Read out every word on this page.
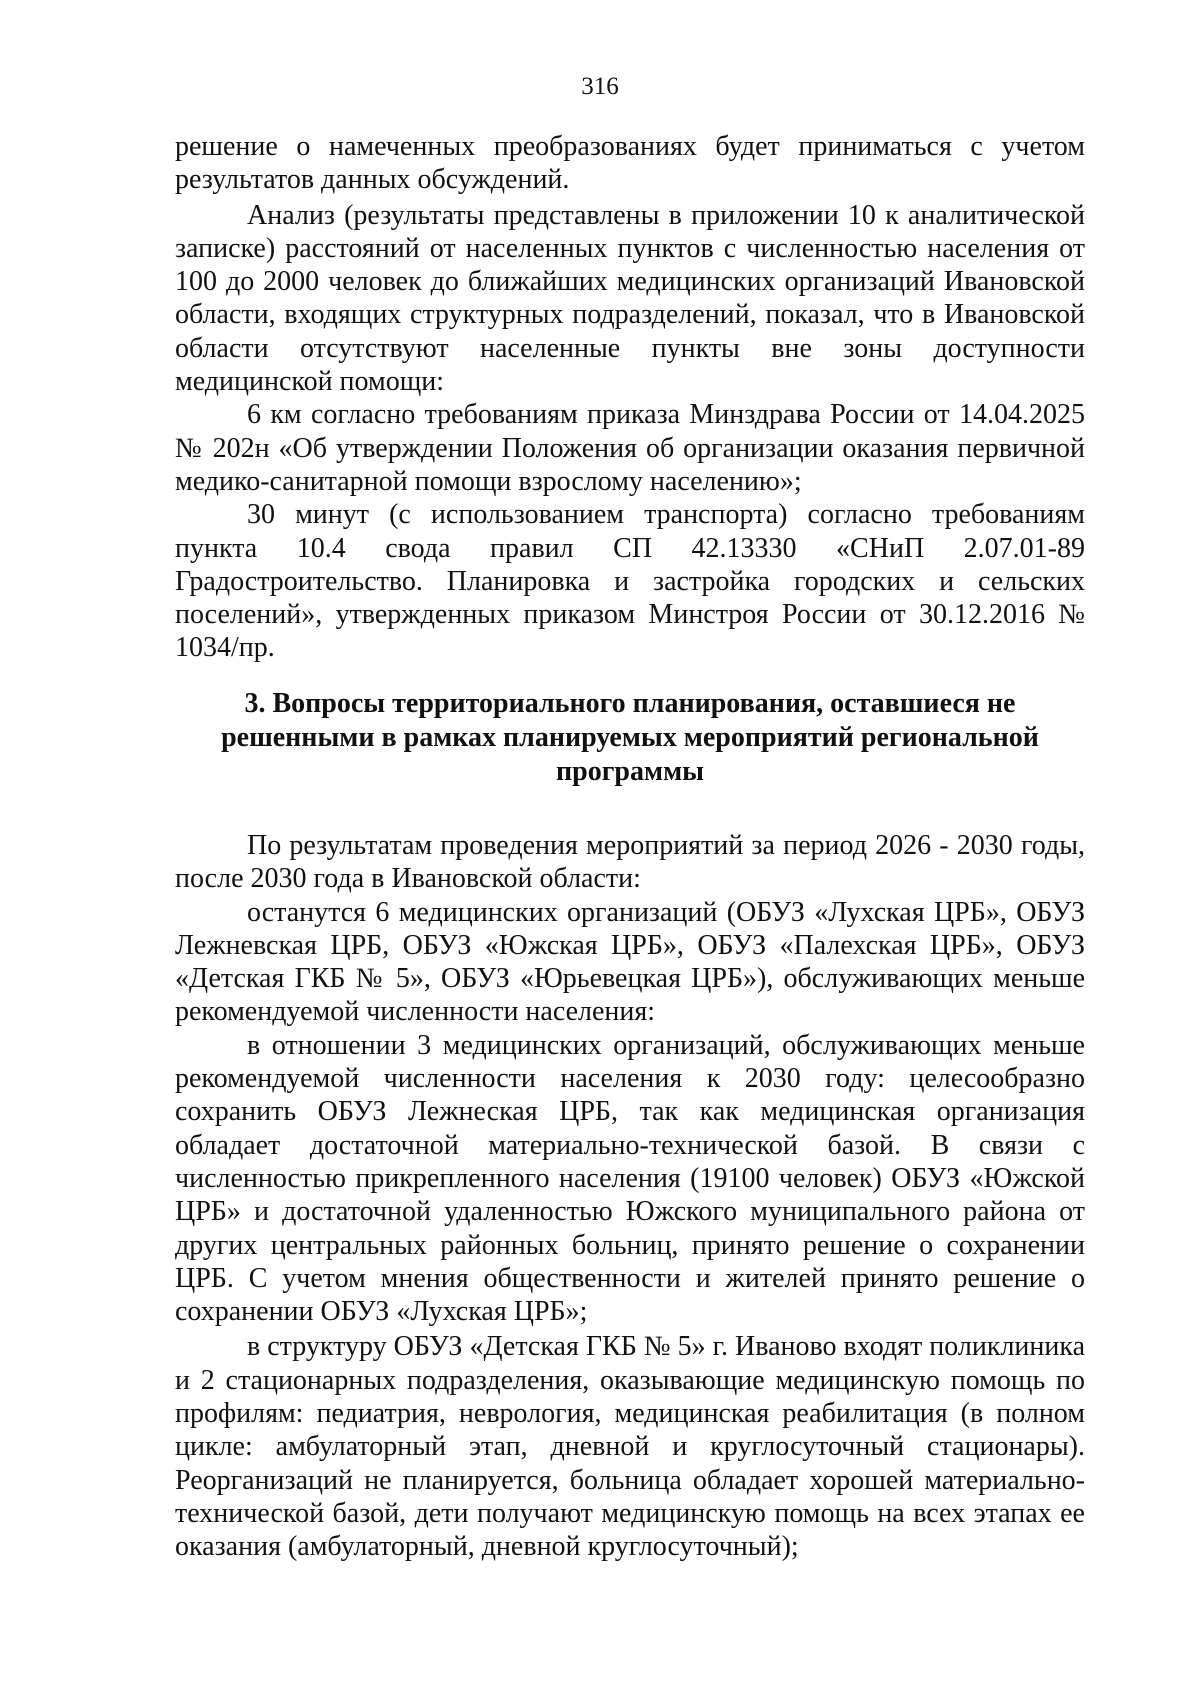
316

решение о намеченных преобразованиях будет приниматься с учетом результатов данных обсуждений.

Анализ (результаты представлены в приложении 10 к аналитической записке) расстояний от населенных пунктов с численностью населения от 100 до 2000 человек до ближайших медицинских организаций Ивановской области, входящих структурных подразделений, показал, что в Ивановской области отсутствуют населенные пункты вне зоны доступности медицинской помощи:

6 км согласно требованиям приказа Минздрава России от 14.04.2025 № 202н «Об утверждении Положения об организации оказания первичной медико-санитарной помощи взрослому населению»;

30 минут (с использованием транспорта) согласно требованиям пункта 10.4 свода правил СП 42.13330 «СНиП 2.07.01-89 Градостроительство. Планировка и застройка городских и сельских поселений», утвержденных приказом Минстроя России от 30.12.2016 № 1034/пр.

3. Вопросы территориального планирования, оставшиеся не
решенными в рамках планируемых мероприятий региональной
программы

По результатам проведения мероприятий за период 2026 - 2030 годы, после 2030 года в Ивановской области:

останутся 6 медицинских организаций (ОБУЗ «Лухская ЦРБ», ОБУЗ Лежневская ЦРБ, ОБУЗ «Южская ЦРБ», ОБУЗ «Палехская ЦРБ», ОБУЗ «Детская ГКБ № 5», ОБУЗ «Юрьевецкая ЦРБ»), обслуживающих меньше рекомендуемой численности населения:

в отношении 3 медицинских организаций, обслуживающих меньше рекомендуемой численности населения к 2030 году: целесообразно сохранить ОБУЗ Лежнеская ЦРБ, так как медицинская организация обладает достаточной материально-технической базой. В связи с численностью прикрепленного населения (19100 человек) ОБУЗ «Южской ЦРБ» и достаточной удаленностью Южского муниципального района от других центральных районных больниц, принято решение о сохранении ЦРБ. С учетом мнения общественности и жителей принято решение о сохранении ОБУЗ «Лухская ЦРБ»;

в структуру ОБУЗ «Детская ГКБ № 5» г. Иваново входят поликлиника и 2 стационарных подразделения, оказывающие медицинскую помощь по профилям: педиатрия, неврология, медицинская реабилитация (в полном цикле: амбулаторный этап, дневной и круглосуточный стационары). Реорганизаций не планируется, больница обладает хорошей материально-технической базой, дети получают медицинскую помощь на всех этапах ее оказания (амбулаторный, дневной круглосуточный);
